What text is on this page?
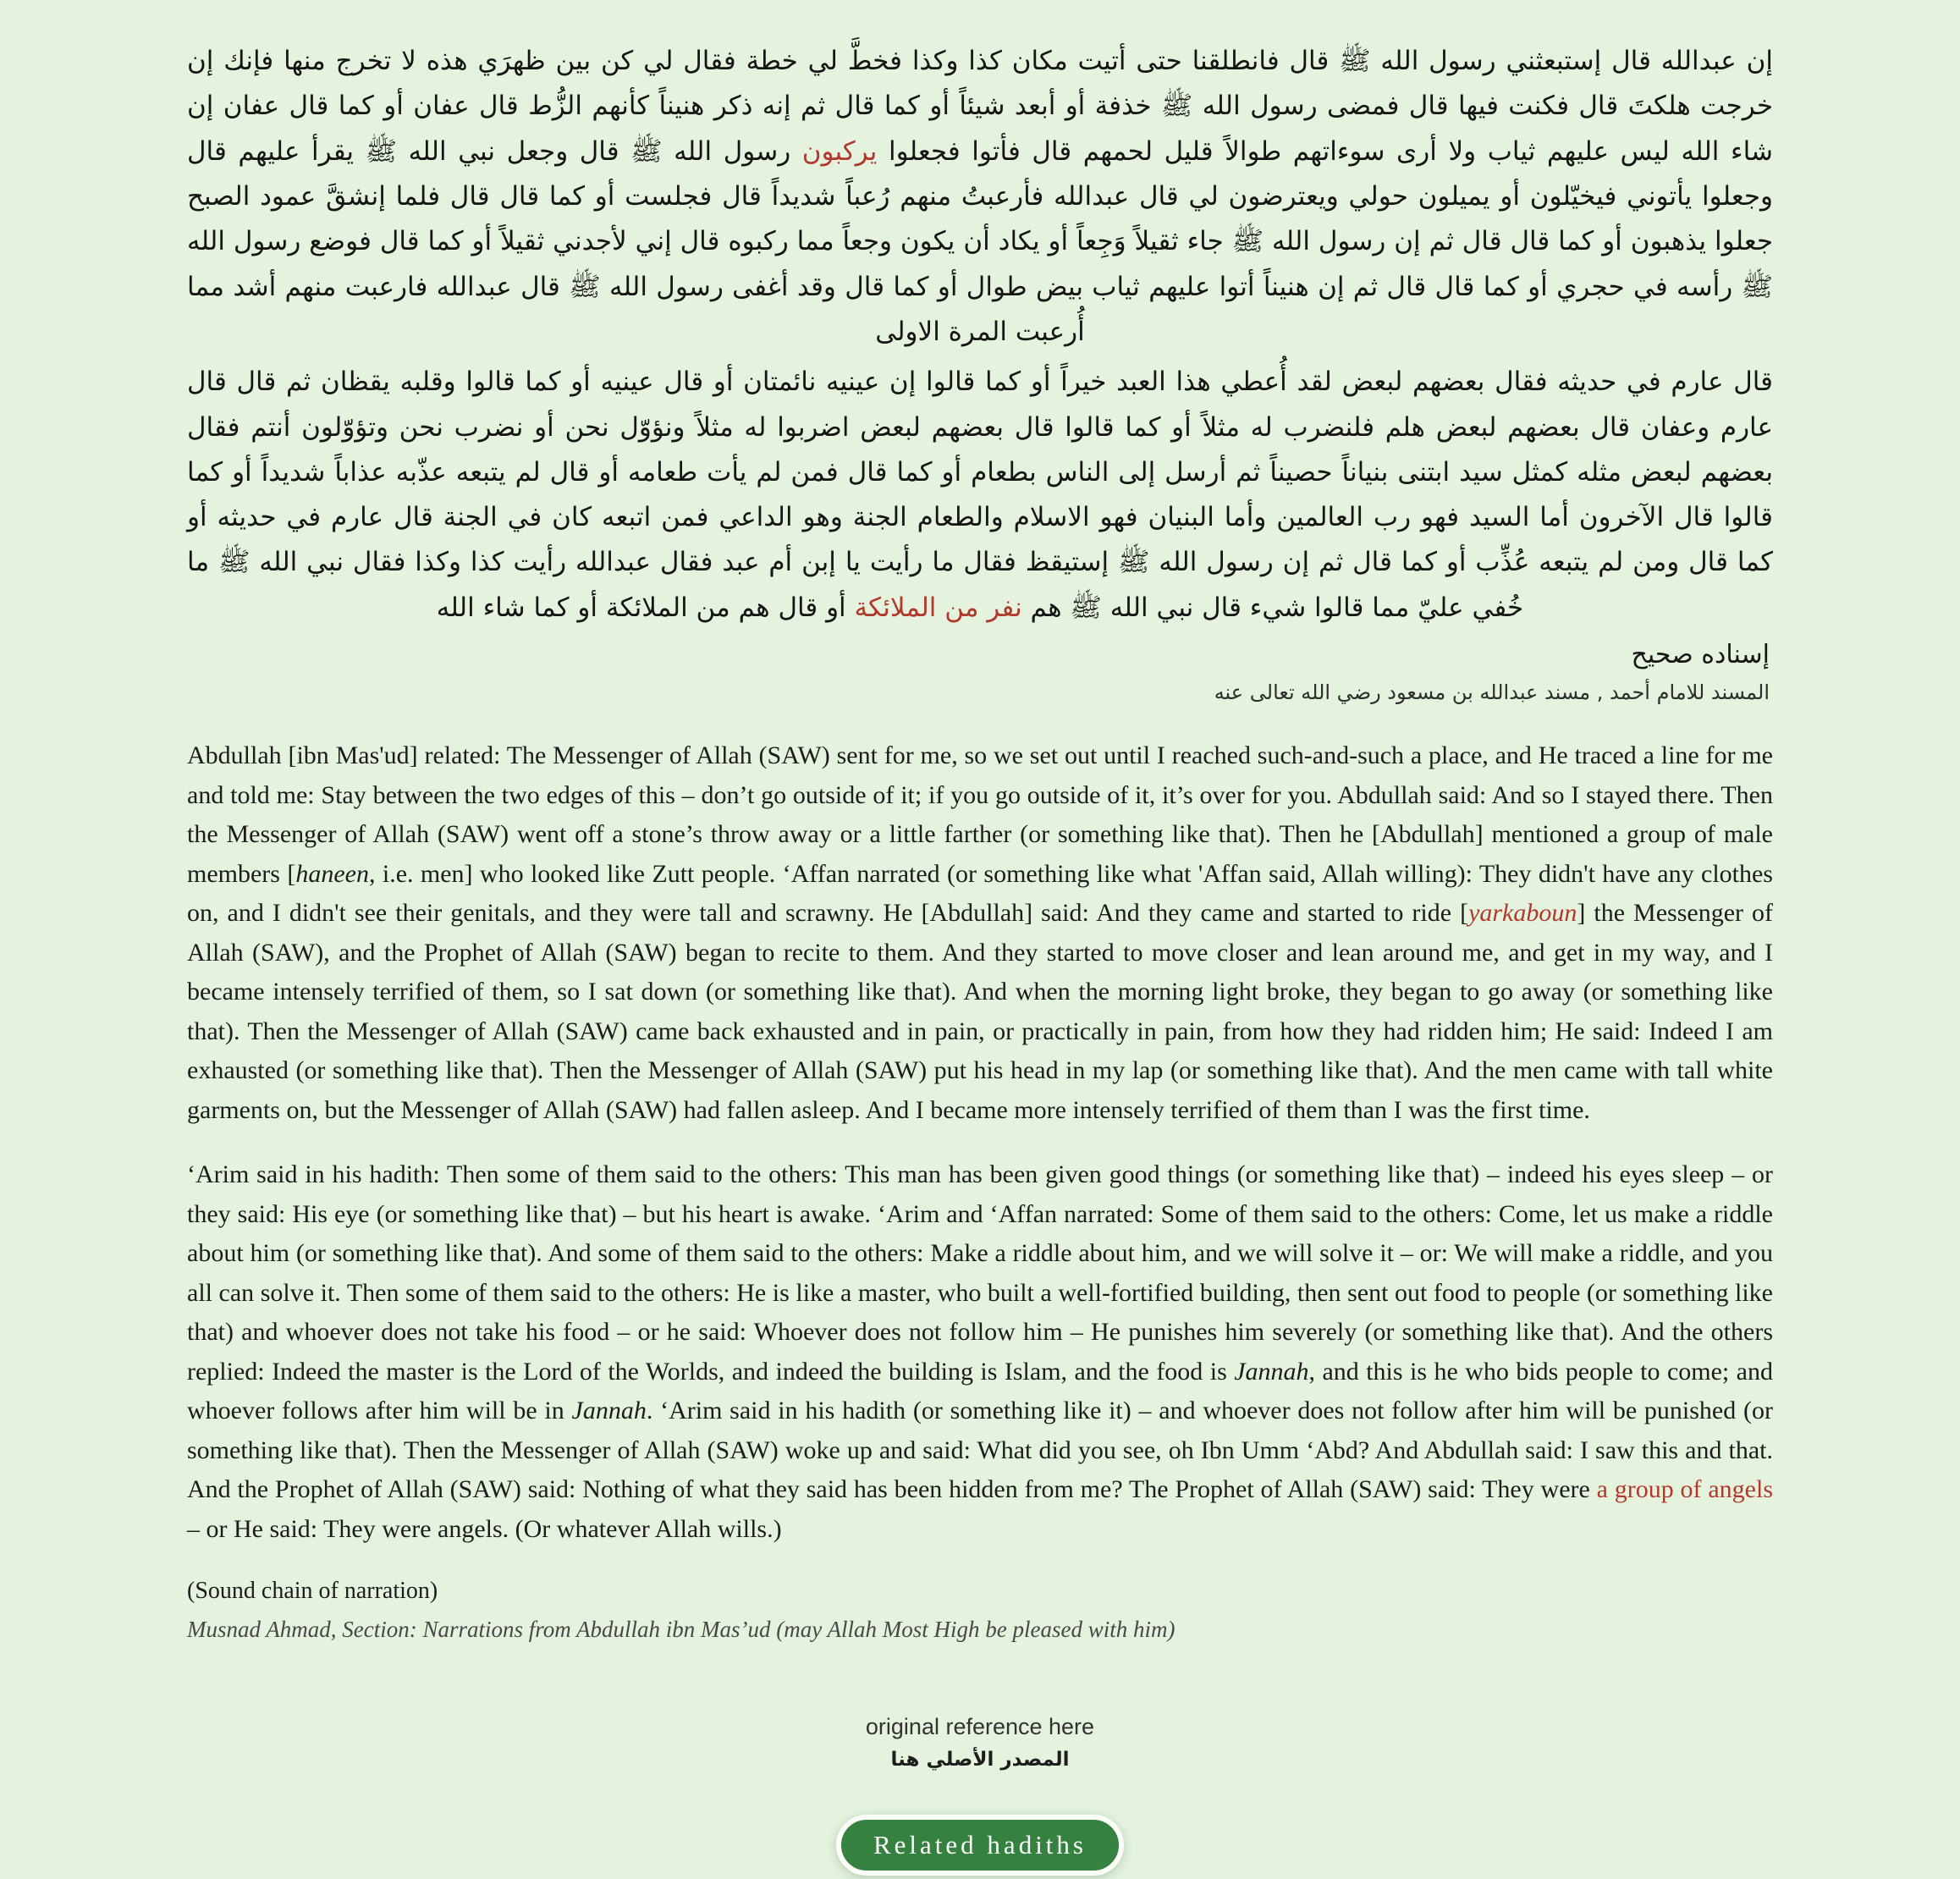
إن عبدالله قال إستبعثني رسول الله ﷺ قال فانطلقنا حتى أتيت مكان كذا وكذا فخطَّ لي خطة فقال لي كن بين ظهرَي هذه لا تخرج منها فإنك إن خرجت هلكتَ قال فكنت فيها قال فمضى رسول الله ﷺ خذفة أو أبعد شيئاً أو كما قال ثم إنه ذكر هنيناً كأنهم الزُّط قال عفان أو كما قال عفان إن شاء الله ليس عليهم ثياب ولا أرى سوءاتهم طوالاً قليل لحمهم قال فأتوا فجعلوا يركبون رسول الله ﷺ قال وجعل نبي الله ﷺ يقرأ عليهم قال وجعلوا يأتوني فيخيّلون أو يميلون حولي ويعترضون لي قال عبدالله فأرعبتُ منهم رُعباً شديداً قال فجلست أو كما قال قال فلما إنشقَّ عمود الصبح جعلوا يذهبون أو كما قال قال ثم إن رسول الله ﷺ جاء ثقيلاً وَجِعاً أو يكاد أن يكون وجعاً مما ركبوه قال إني لأجدني ثقيلاً أو كما قال فوضع رسول الله ﷺ رأسه في حجري أو كما قال قال ثم إن هنيناً أتوا عليهم ثياب بيض طوال أو كما قال وقد أغفى رسول الله ﷺ قال عبدالله فارعبت منهم أشد مما أُرعبت المرة الاولى

قال عارم في حديثه فقال بعضهم لبعض لقد أُعطي هذا العبد خيراً أو كما قالوا إن عينيه نائمتان أو قال عينيه أو كما قالوا وقلبه يقظان ثم قال قال عارم وعفان قال بعضهم لبعض هلم فلنضرب له مثلاً أو كما قالوا قال بعضهم لبعض اضربوا له مثلاً ونؤوّل نحن أو نضرب نحن وتؤوّلون أنتم فقال بعضهم لبعض مثله كمثل سيد ابتنى بنياناً حصيناً ثم أرسل إلى الناس بطعام أو كما قال فمن لم يأت طعامه أو قال لم يتبعه عذّبه عذاباً شديداً أو كما قالوا قال الآخرون أما السيد فهو رب العالمين وأما البنيان فهو الاسلام والطعام الجنة وهو الداعي فمن اتبعه كان في الجنة قال عارم في حديثه أو كما قال ومن لم يتبعه عُذِّب أو كما قال ثم إن رسول الله ﷺ إستيقظ فقال ما رأيت يا إبن أم عبد فقال عبدالله رأيت كذا وكذا فقال نبي الله ﷺ ما خُفي عليّ مما قالوا شيء قال نبي الله ﷺ هم نفر من الملائكة أو قال هم من الملائكة أو كما شاء الله

إسناده صحيح

المسند للامام أحمد , مسند عبدالله بن مسعود رضي الله تعالى عنه

Abdullah [ibn Mas'ud] related: The Messenger of Allah (SAW) sent for me, so we set out until I reached such-and-such a place, and He traced a line for me and told me: Stay between the two edges of this – don’t go outside of it; if you go outside of it, it’s over for you. Abdullah said: And so I stayed there. Then the Messenger of Allah (SAW) went off a stone’s throw away or a little farther (or something like that). Then he [Abdullah] mentioned a group of male members [haneen, i.e. men] who looked like Zutt people. ‘Affan narrated (or something like what 'Affan said, Allah willing): They didn't have any clothes on, and I didn't see their genitals, and they were tall and scrawny. He [Abdullah] said: And they came and started to ride [yarkaboun] the Messenger of Allah (SAW), and the Prophet of Allah (SAW) began to recite to them. And they started to move closer and lean around me, and get in my way, and I became intensely terrified of them, so I sat down (or something like that). And when the morning light broke, they began to go away (or something like that). Then the Messenger of Allah (SAW) came back exhausted and in pain, or practically in pain, from how they had ridden him; He said: Indeed I am exhausted (or something like that). Then the Messenger of Allah (SAW) put his head in my lap (or something like that). And the men came with tall white garments on, but the Messenger of Allah (SAW) had fallen asleep. And I became more intensely terrified of them than I was the first time.

‘Arim said in his hadith: Then some of them said to the others: This man has been given good things (or something like that) – indeed his eyes sleep – or they said: His eye (or something like that) – but his heart is awake. ‘Arim and ‘Affan narrated: Some of them said to the others: Come, let us make a riddle about him (or something like that). And some of them said to the others: Make a riddle about him, and we will solve it – or: We will make a riddle, and you all can solve it. Then some of them said to the others: He is like a master, who built a well-fortified building, then sent out food to people (or something like that) and whoever does not take his food – or he said: Whoever does not follow him – He punishes him severely (or something like that). And the others replied: Indeed the master is the Lord of the Worlds, and indeed the building is Islam, and the food is Jannah, and this is he who bids people to come; and whoever follows after him will be in Jannah. ‘Arim said in his hadith (or something like it) – and whoever does not follow after him will be punished (or something like that). Then the Messenger of Allah (SAW) woke up and said: What did you see, oh Ibn Umm ‘Abd? And Abdullah said: I saw this and that. And the Prophet of Allah (SAW) said: Nothing of what they said has been hidden from me? The Prophet of Allah (SAW) said: They were a group of angels – or He said: They were angels. (Or whatever Allah wills.)

(Sound chain of narration)

Musnad Ahmad, Section: Narrations from Abdullah ibn Mas’ud (may Allah Most High be pleased with him)

original reference here
المصدر الأصلي هنا
Related hadiths
